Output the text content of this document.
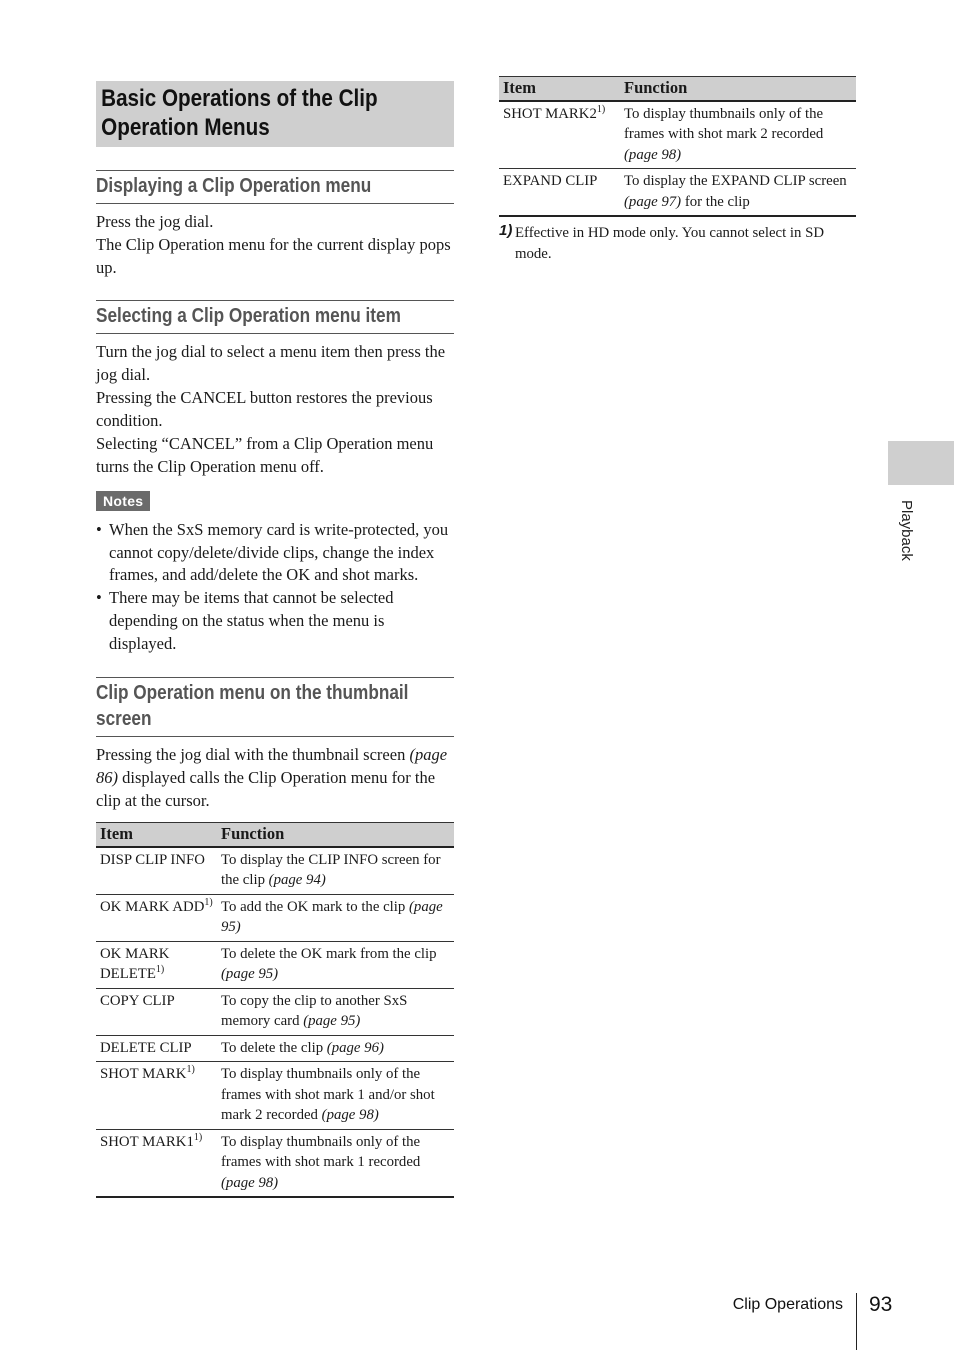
Basic Operations of the Clip Operation Menus
Displaying a Clip Operation menu

Press the jog dial.

The Clip Operation menu for the current display pops up.

Selecting a Clip Operation menu item

Turn the jog dial to select a menu item then press the jog dial.

Pressing the CANCEL button restores the previous condition.

Selecting “CANCEL” from a Clip Operation menu turns the Clip Operation menu off.

Notes
• When the SxS memory card is write-protected, you cannot copy/delete/divide clips, change the index frames, and add/delete the OK and shot marks.
• There may be items that cannot be selected depending on the status when the menu is displayed.
Clip Operation menu on the thumbnail screen

Pressing the jog dial with the thumbnail screen (page 86) displayed calls the Clip Operation menu for the clip at the cursor.

Item	Function
DISP CLIP INFO	To display the CLIP INFO screen for the clip (page 94)
OK MARK ADD$^{1)}$	To add the OK mark to the clip (page 95)
OK MARK DELETE$^{1)}$	To delete the OK mark from the clip (page 95)
COPY CLIP	To copy the clip to another SxS memory card (page 95)
DELETE CLIP	To delete the clip (page 96)
SHOT MARK$^{1)}$	To display thumbnails only of the frames with shot mark 1 and/or shot mark 2 recorded (page 98)
SHOT MARK1$^{1)}$	To display thumbnails only of the frames with shot mark 1 recorded (page 98)
Item	Function
SHOT MARK2$^{1)}$	To display thumbnails only of the frames with shot mark 2 recorded (page 98)
EXPAND CLIP	To display the EXPAND CLIP screen (page 97) for the clip
1) Effective in HD mode only. You cannot select in SD mode.
Playback
Clip Operations 93
